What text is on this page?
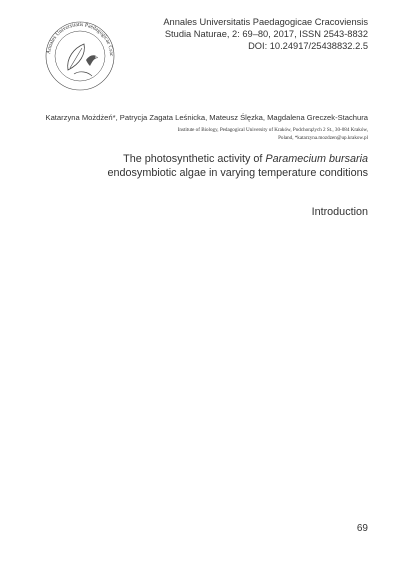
Annales Universitatis Paedagogicae Crac
Annales Universitatis Paedagogicae Cracoviensis
Studia Naturae, 2: 69–80, 2017, ISSN 2543-8832
DOI: 10.24917/25438832.2.5
Katarzyna Możdżeń*, Patrycja Zagata Leśnicka, Mateusz Ślęzka, Magdalena Greczek-Stachura
Institute of Biology, Pedagogical University of Kraków, Podchorążych 2 St., 30-084 Kraków,
Poland, *katarzyna.mozdzen@up.krakow.pl
The photosynthetic activity of Paramecium bursaria endosymbiotic algae in varying temperature conditions
Introduction

69
